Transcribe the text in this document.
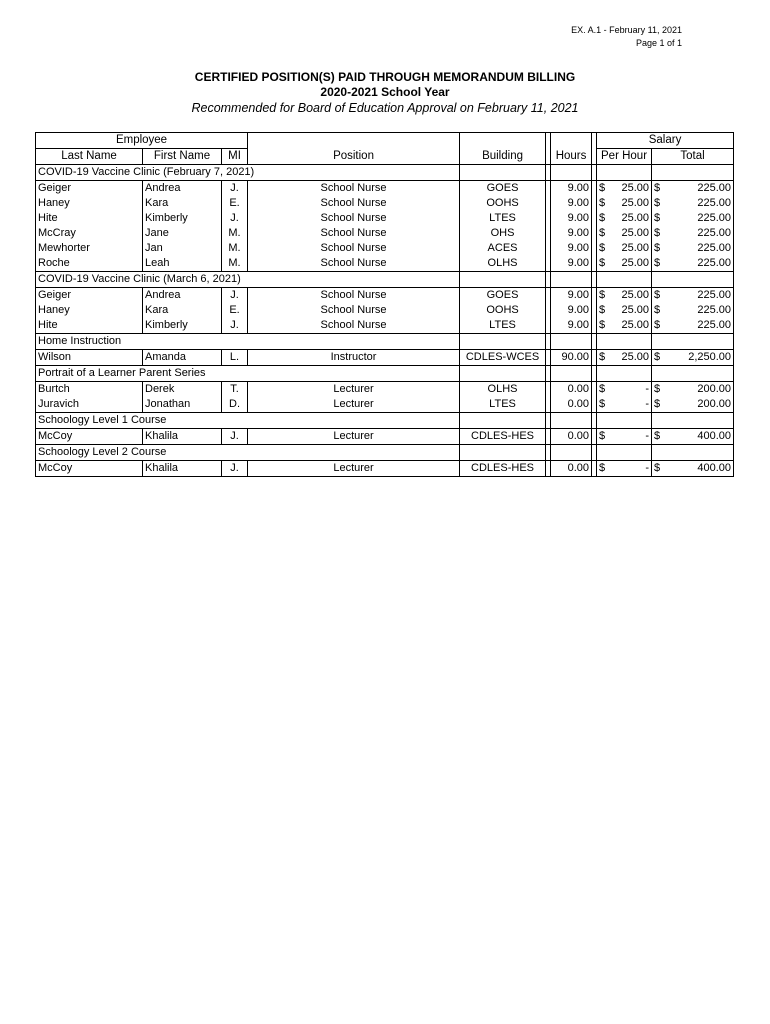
EX. A.1 - February 11, 2021
Page 1 of 1
CERTIFIED POSITION(S) PAID THROUGH MEMORANDUM BILLING
2020-2021 School Year
Recommended for Board of Education Approval on February 11, 2021
Employee								Salary	
Last Name	First Name	MI	Position	Building		Hours		Per Hour	Total
COVID-19 Vaccine Clinic (February 7, 2021)									
Geiger	Andrea	J.	School Nurse	GOES		9.00		$ 25.00	$ 225.00

Haney	Kara	E.	School Nurse	OOHS		9.00		$ 25.00	$ 225.00

Hite	Kimberly	J.	School Nurse	LTES		9.00		$ 25.00	$ 225.00

McCray	Jane	M.	School Nurse	OHS		9.00		$ 25.00	$ 225.00

Mewhorter	Jan	M.	School Nurse	ACES		9.00		$ 25.00	$ 225.00

Roche	Leah	M.	School Nurse	OLHS		9.00		$ 25.00	$ 225.00

COVID-19 Vaccine Clinic (March 6, 2021)									
Geiger	Andrea	J.	School Nurse	GOES		9.00		$ 25.00	$ 225.00

Haney	Kara	E.	School Nurse	OOHS		9.00		$ 25.00	$ 225.00

Hite	Kimberly	J.	School Nurse	LTES		9.00		$ 25.00	$ 225.00

Home Instruction									
Wilson	Amanda	L.	Instructor	CDLES-WCES		90.00		$ 25.00	$ 2,250.00

Portrait of a Learner Parent Series									
Burtch	Derek	T.	Lecturer	OLHS		0.00		$ -	$ 200.00

Juravich	Jonathan	D.	Lecturer	LTES		0.00		$ -	$ 200.00

Schoology Level 1 Course									
McCoy	Khalila	J.	Lecturer	CDLES-HES		0.00		$ -	$ 400.00

Schoology Level 2 Course									
McCoy	Khalila	J.	Lecturer	CDLES-HES		0.00		$ -	$ 400.00
